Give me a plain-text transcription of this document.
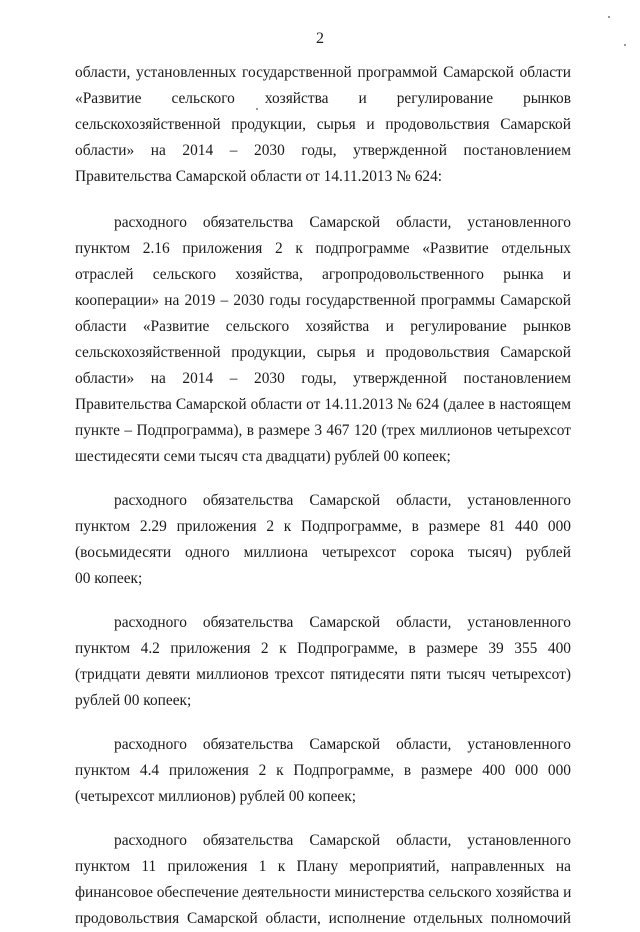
2
области, установленных государственной программой Самарской области
«Развитие сельского хозяйства и регулирование рынков
сельскохозяйственной продукции, сырья и продовольствия Самарской
области» на 2014 – 2030 годы, утвержденной постановлением
Правительства Самарской области от 14.11.2013 № 624:
расходного обязательства Самарской области, установленного
пунктом 2.16 приложения 2 к подпрограмме «Развитие отдельных
отраслей сельского хозяйства, агропродовольственного рынка и
кооперации» на 2019 – 2030 годы государственной программы Самарской
области «Развитие сельского хозяйства и регулирование рынков
сельскохозяйственной продукции, сырья и продовольствия Самарской
области» на 2014 – 2030 годы, утвержденной постановлением
Правительства Самарской области от 14.11.2013 № 624 (далее в настоящем
пункте – Подпрограмма), в размере 3 467 120 (трех миллионов четырехсот
шестидесяти семи тысяч ста двадцати) рублей 00 копеек;
расходного обязательства Самарской области, установленного
пунктом 2.29 приложения 2 к Подпрограмме, в размере 81 440 000
(восьмидесяти одного миллиона четырехсот сорока тысяч) рублей
00 копеек;
расходного обязательства Самарской области, установленного
пунктом 4.2 приложения 2 к Подпрограмме, в размере 39 355 400
(тридцати девяти миллионов трехсот пятидесяти пяти тысяч четырехсот)
рублей 00 копеек;
расходного обязательства Самарской области, установленного
пунктом 4.4 приложения 2 к Подпрограмме, в размере 400 000 000
(четырехсот миллионов) рублей 00 копеек;
расходного обязательства Самарской области, установленного
пунктом 11 приложения 1 к Плану мероприятий, направленных на
финансовое обеспечение деятельности министерства сельского хозяйства и
продовольствия Самарской области, исполнение отдельных полномочий
